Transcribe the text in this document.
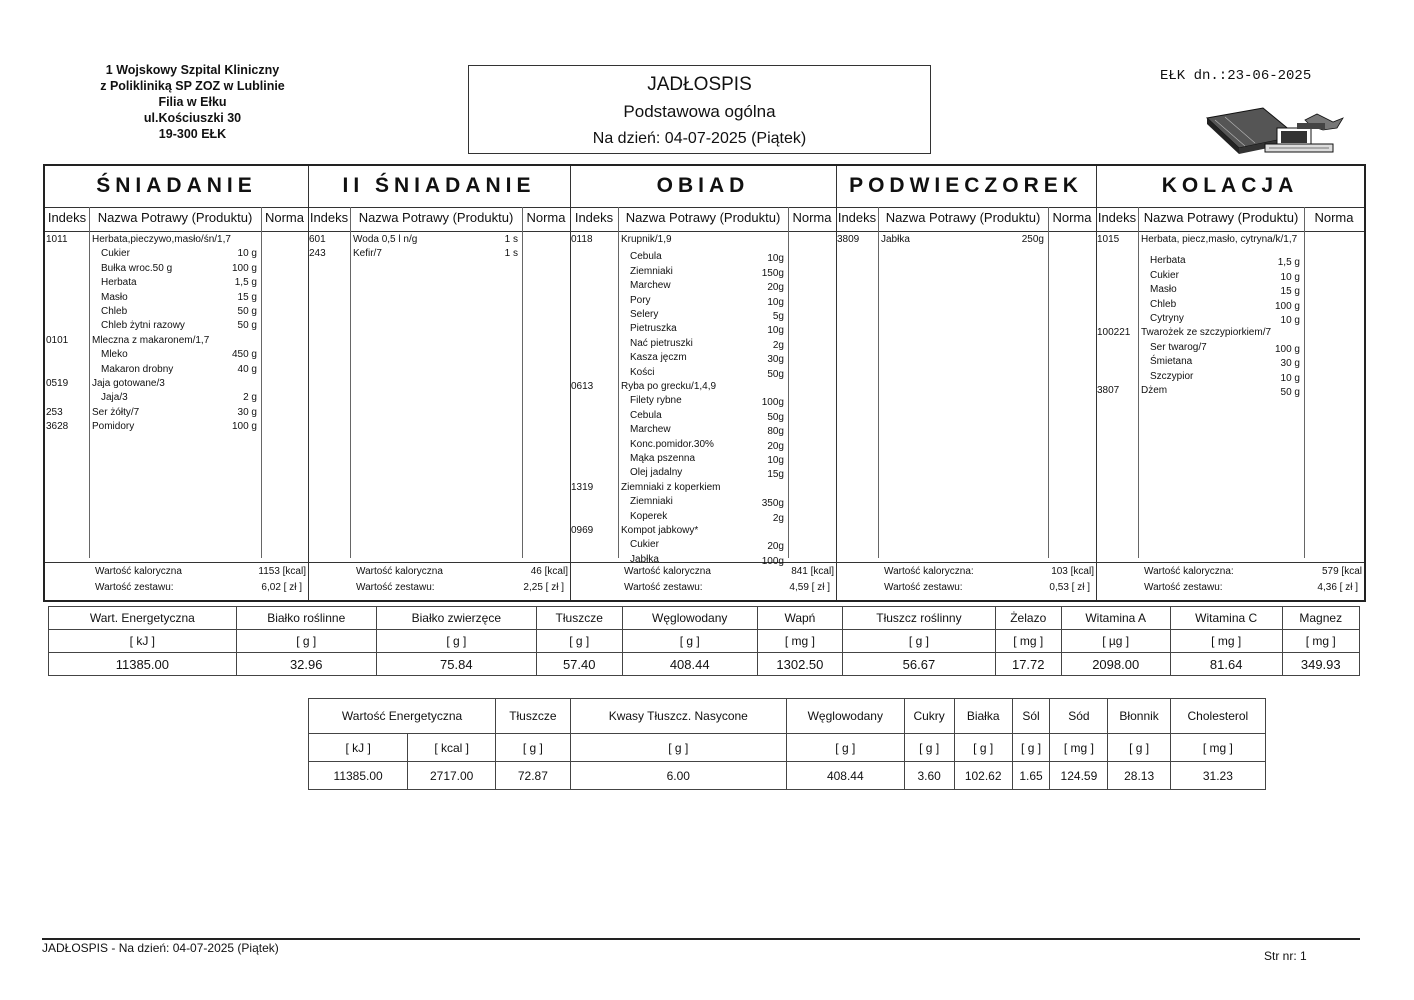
1 Wojskowy Szpital Kliniczny
z Polikliniką SP ZOZ w Lublinie
Filia w Ełku
ul.Kościuszki 30
19-300 EŁK
JADŁOSPIS
Podstawowa ogólna
Na dzień: 04-07-2025 (Piątek)
EŁK dn.:23-06-2025
ŚNIADANIE
Indeks Nazwa Potrawy (Produktu) Norma
1011 Herbata,pieczywo,masło/śn/1,7
Cukier	10 g
Bułka wroc.50 g	100 g
Herbata	1,5 g
Masło	15 g
Chleb	50 g
Chleb żytni razowy	50 g
0101 Mleczna z makaronem/1,7
Mleko	450 g
Makaron drobny	40 g
0519 Jaja gotowane/3
Jaja/3	2 g
253	Ser żółty/7	30 g
3628 Pomidory	100 g
Wartość kaloryczna	1153 [kcal]
Wartość zestawu:	6,02 [ zł ]
II ŚNIADANIE
Indeks Nazwa Potrawy (Produktu)	Norma
601	Woda 0,5 l n/g	1 s
243	Kefir/7	1 s
Wartość kaloryczna	46 [kcal]
Wartość zestawu:	2,25 [ zł ]
OBIAD
Indeks Nazwa Potrawy (Produktu) Norma
0118	Krupnik/1,9
Cebula	10g
Ziemniaki	150g
Marchew	20g
Pory	10g
Selery	5g
Pietruszka	10g
Nać pietruszki	2g
Kasza jęczm	30g
Kości	50g
0613	Ryba po grecku/1,4,9
Filety rybne	100g
Cebula	50g
Marchew	80g
Konc.pomidor.30%	20g
Mąka pszenna	10g
Olej jadalny	15g
1319	Ziemniaki z koperkiem
Ziemniaki	350g
Koperek	2g
0969	Kompot jabkowy*
Cukier	20g
Jabłka	100g
Wartość kaloryczna	841 [kcal]
Wartość zestawu:	4,59 [ zł ]
PODWIECZOREK
Indeks Nazwa Potrawy (Produktu) Norma
3809 Jabłka	250g
Wartość kaloryczna:	103 [kcal]
Wartość zestawu:	0,53 [ zł ]
KOLACJA
Indeks Nazwa Potrawy (Produktu)	Norma
1015 Herbata, piecz,masło, cytryna/k/1,7
Herbata	1,5 g
Cukier	10 g
Masło	15 g
Chleb	100 g
Cytryny	10 g
100221 Twarożek ze szczypiorkiem/7
Ser twarog/7	100 g
Śmietana	30 g
Szczypior	10 g
3807 Dżem	50 g
Wartość kaloryczna:	579 [kcal
Wartość zestawu:	4,36 [ zł ]
Wart. Energetyczna	Białko roślinne	Białko zwierzęce	Tłuszcze	Węglowodany	Wapń	Tłuszcz roślinny	Żelazo	Witamina A	Witamina C	Magnez
[ kJ ]	[ g ]	[ g ]	[ g ]	[ g ]	[ mg ]	[ g ]	[ mg ]	[ µg ]	[ mg ]	[ mg ]
11385.00	32.96	75.84	57.40	408.44	1302.50	56.67	17.72	2098.00	81.64	349.93
Wartość Energetyczna		Tłuszcze	Kwasy Tłuszcz. Nasycone	Węglowodany	Cukry	Białka	Sól	Sód	Błonnik	Cholesterol
[ kJ ]	[ kcal ]	[ g ]	[ g ]	[ g ]	[ g ]	[ g ]	[ g ]	[ mg ]	[ g ]	[ mg ]
11385.00	2717.00	72.87	6.00	408.44	3.60	102.62	1.65	124.59	28.13	31.23
JADŁOSPIS - Na dzień: 04-07-2025 (Piątek)
Str nr: 1
